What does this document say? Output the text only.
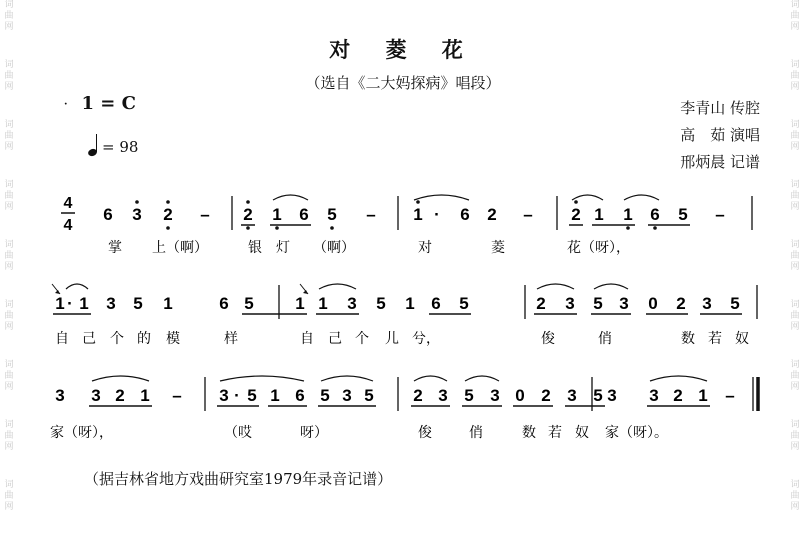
词
曲
网
词
曲
网
词
曲
网
词
曲
网
词
曲
网
词
曲
网
词
曲
网
词
曲
网
词
曲
网
词
曲
网
词
曲
网
词
曲
网
词
曲
网
词
曲
网
词
曲
网
词
曲
网
词
曲
网
词
曲
网
对 菱 花
（选自《二大妈探病》唱段）
· 1 = C
= 98
李青山 传腔
高　茹 演唱
邢炳晨 记谱
4
4
6 3 2 – 2 1 6 5 – 1 · 6 2 – 2 1 1 6 5 –
掌 上（啊）	银 灯 （啊）	对	菱	花（呀），
1 · 1 3 5 1	6 5 1 1 3 5 1 6 5	2 3 5 3 0 2 3 5
自 己 个 的 模	样	自 己 个 儿 兮，	俊	俏	数 若 奴
3 3 2 1 – 3 · 5 1 6 5 3 5 2 3 5 3 0 2 3 5 3 3 2 1 –
家（呀），	（哎	呀）	俊	俏	数 若 奴 家（呀）。
（据吉林省地方戏曲研究室1979年录音记谱）
